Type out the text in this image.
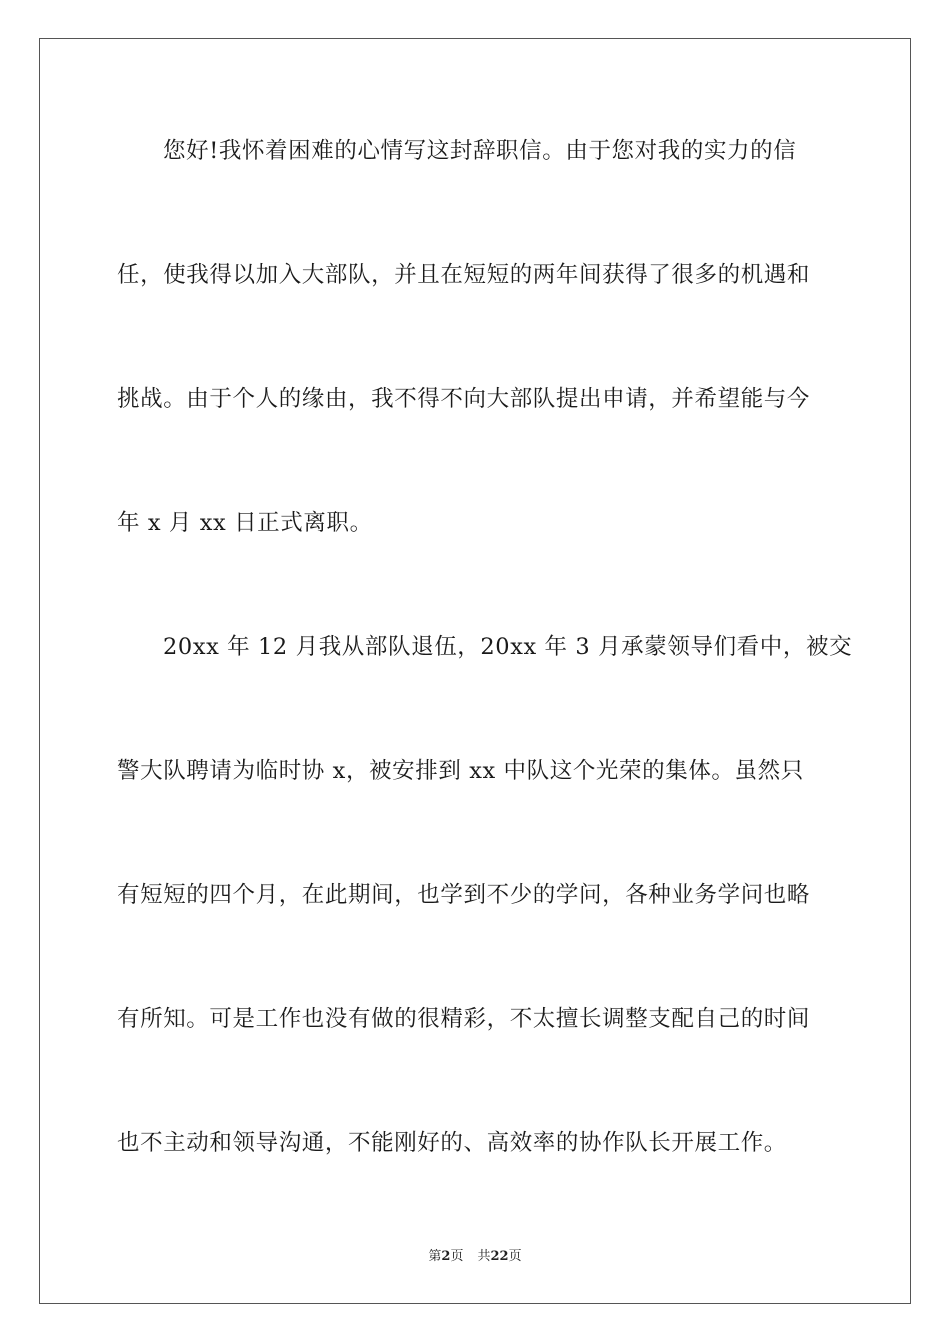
您好!我怀着困难的心情写这封辞职信。由于您对我的实力的信
任，使我得以加入大部队，并且在短短的两年间获得了很多的机遇和
挑战。由于个人的缘由，我不得不向大部队提出申请，并希望能与今
年 x 月 xx 日正式离职。
20xx 年 12 月我从部队退伍，20xx 年 3 月承蒙领导们看中，被交
警大队聘请为临时协 x，被安排到 xx 中队这个光荣的集体。虽然只
有短短的四个月，在此期间，也学到不少的学问，各种业务学问也略
有所知。可是工作也没有做的很精彩，不太擅长调整支配自己的时间
也不主动和领导沟通，不能刚好的、高效率的协作队长开展工作。
第2页 共22页
